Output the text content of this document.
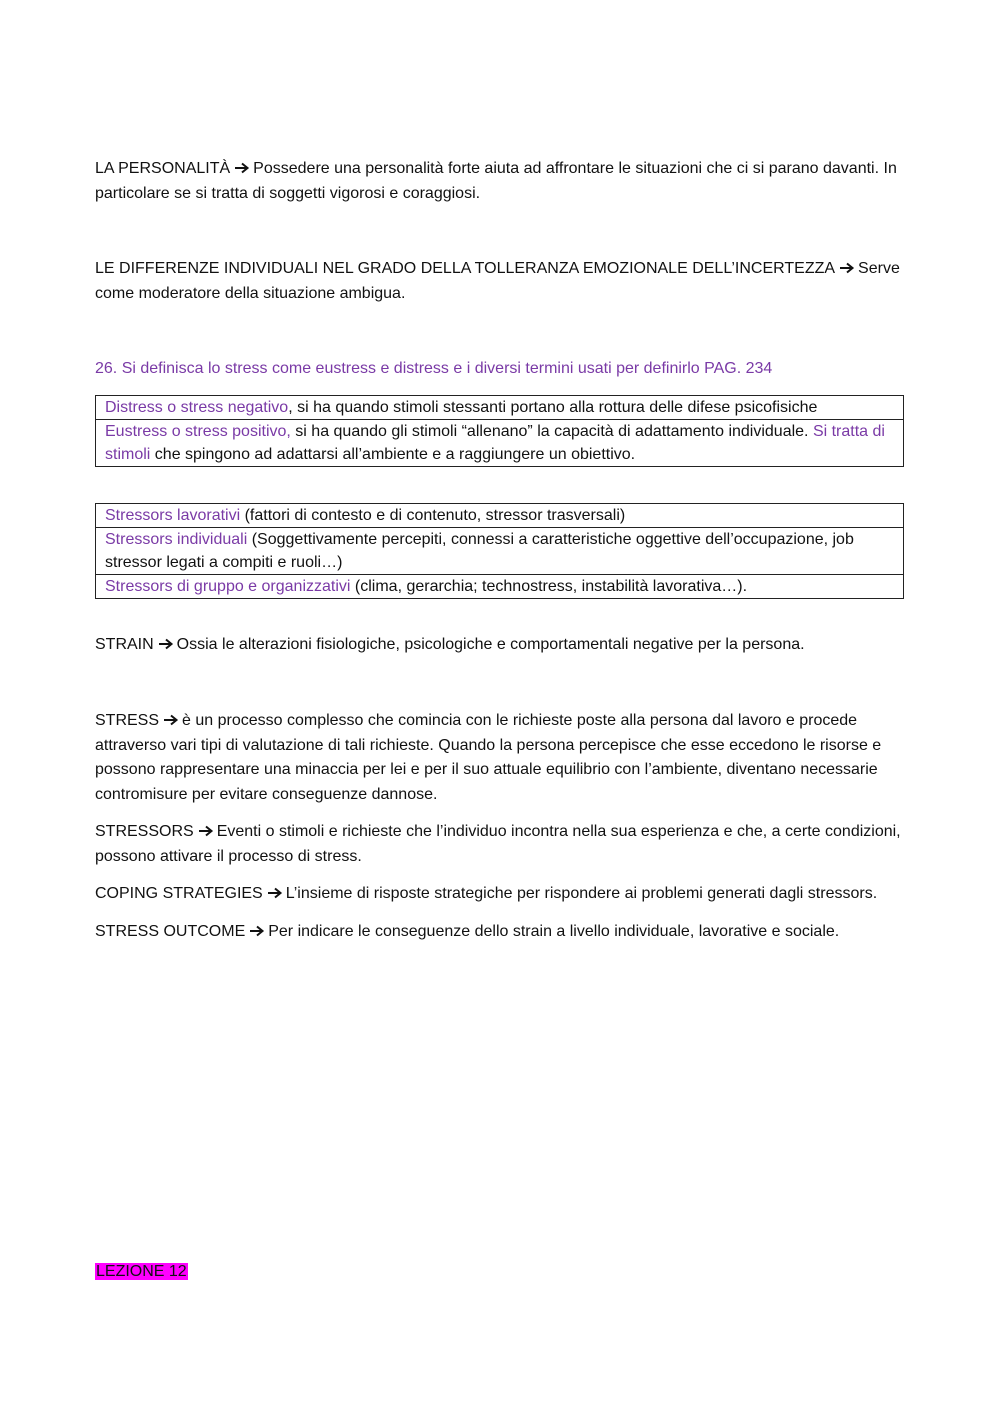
LA PERSONALITÀ Possedere una personalità forte aiuta ad affrontare le situazioni che ci si parano davanti. In particolare se si tratta di soggetti vigorosi e coraggiosi.

LE DIFFERENZE INDIVIDUALI NEL GRADO DELLA TOLLERANZA EMOZIONALE DELL’INCERTEZZA Serve come moderatore della situazione ambigua.

26. Si definisca lo stress come eustress e distress e i diversi termini usati per definirlo PAG. 234

Distress o stress negativo, si ha quando stimoli stessanti portano alla rottura delle difese psicofisiche
Eustress o stress positivo, si ha quando gli stimoli “allenano” la capacità di adattamento individuale. Si tratta di stimoli che spingono ad adattarsi all’ambiente e a raggiungere un obiettivo.
Stressors lavorativi (fattori di contesto e di contenuto, stressor trasversali)
Stressors individuali (Soggettivamente percepiti, connessi a caratteristiche oggettive dell’occupazione, job stressor legati a compiti e ruoli…)
Stressors di gruppo e organizzativi (clima, gerarchia; technostress, instabilità lavorativa…).

STRAIN Ossia le alterazioni fisiologiche, psicologiche e comportamentali negative per la persona.

STRESS è un processo complesso che comincia con le richieste poste alla persona dal lavoro e procede attraverso vari tipi di valutazione di tali richieste. Quando la persona percepisce che esse eccedono le risorse e possono rappresentare una minaccia per lei e per il suo attuale equilibrio con l’ambiente, diventano necessarie contromisure per evitare conseguenze dannose.

STRESSORS Eventi o stimoli e richieste che l’individuo incontra nella sua esperienza e che, a certe condizioni, possono attivare il processo di stress.

COPING STRATEGIES L’insieme di risposte strategiche per rispondere ai problemi generati dagli stressors.

STRESS OUTCOME Per indicare le conseguenze dello strain a livello individuale, lavorative e sociale.

LEZIONE 12
